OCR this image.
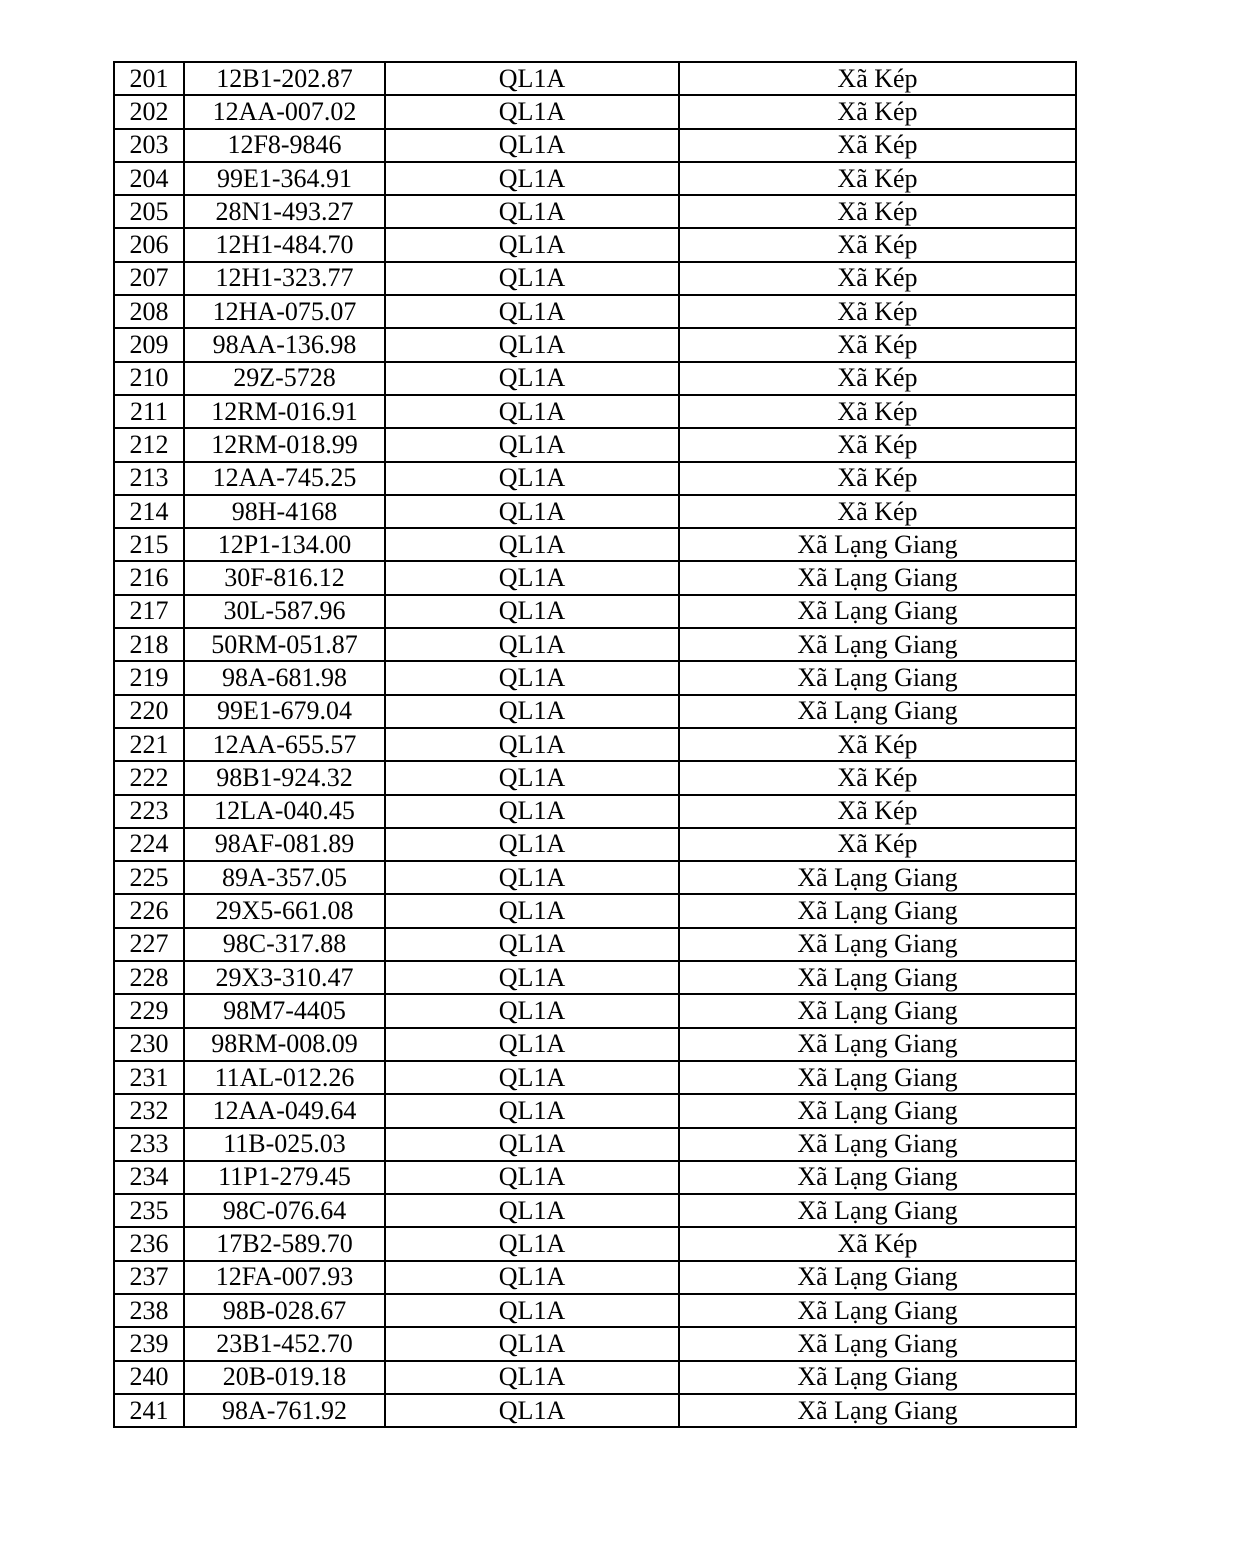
201	12B1-202.87	QL1A	Xã Kép
202	12AA-007.02	QL1A	Xã Kép
203	12F8-9846	QL1A	Xã Kép
204	99E1-364.91	QL1A	Xã Kép
205	28N1-493.27	QL1A	Xã Kép
206	12H1-484.70	QL1A	Xã Kép
207	12H1-323.77	QL1A	Xã Kép
208	12HA-075.07	QL1A	Xã Kép
209	98AA-136.98	QL1A	Xã Kép
210	29Z-5728	QL1A	Xã Kép
211	12RM-016.91	QL1A	Xã Kép
212	12RM-018.99	QL1A	Xã Kép
213	12AA-745.25	QL1A	Xã Kép
214	98H-4168	QL1A	Xã Kép
215	12P1-134.00	QL1A	Xã Lạng Giang
216	30F-816.12	QL1A	Xã Lạng Giang
217	30L-587.96	QL1A	Xã Lạng Giang
218	50RM-051.87	QL1A	Xã Lạng Giang
219	98A-681.98	QL1A	Xã Lạng Giang
220	99E1-679.04	QL1A	Xã Lạng Giang
221	12AA-655.57	QL1A	Xã Kép
222	98B1-924.32	QL1A	Xã Kép
223	12LA-040.45	QL1A	Xã Kép
224	98AF-081.89	QL1A	Xã Kép
225	89A-357.05	QL1A	Xã Lạng Giang
226	29X5-661.08	QL1A	Xã Lạng Giang
227	98C-317.88	QL1A	Xã Lạng Giang
228	29X3-310.47	QL1A	Xã Lạng Giang
229	98M7-4405	QL1A	Xã Lạng Giang
230	98RM-008.09	QL1A	Xã Lạng Giang
231	11AL-012.26	QL1A	Xã Lạng Giang
232	12AA-049.64	QL1A	Xã Lạng Giang
233	11B-025.03	QL1A	Xã Lạng Giang
234	11P1-279.45	QL1A	Xã Lạng Giang
235	98C-076.64	QL1A	Xã Lạng Giang
236	17B2-589.70	QL1A	Xã Kép
237	12FA-007.93	QL1A	Xã Lạng Giang
238	98B-028.67	QL1A	Xã Lạng Giang
239	23B1-452.70	QL1A	Xã Lạng Giang
240	20B-019.18	QL1A	Xã Lạng Giang
241	98A-761.92	QL1A	Xã Lạng Giang
